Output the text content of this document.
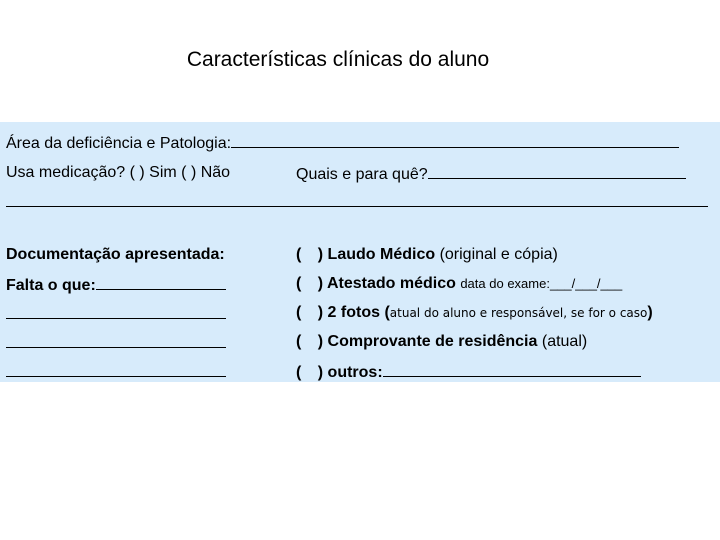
Características clínicas do aluno
Área da deficiência e Patologia:
Usa medicação? ( ) Sim ( ) Não	Quais e para quê?
Documentação apresentada:
Falta o que:
( ) Laudo Médico (original e cópia)
( ) Atestado médico data do exame:___/___/___
( ) 2 fotos (atual do aluno e responsável, se for o caso)
( ) Comprovante de residência (atual)
( ) outros:
